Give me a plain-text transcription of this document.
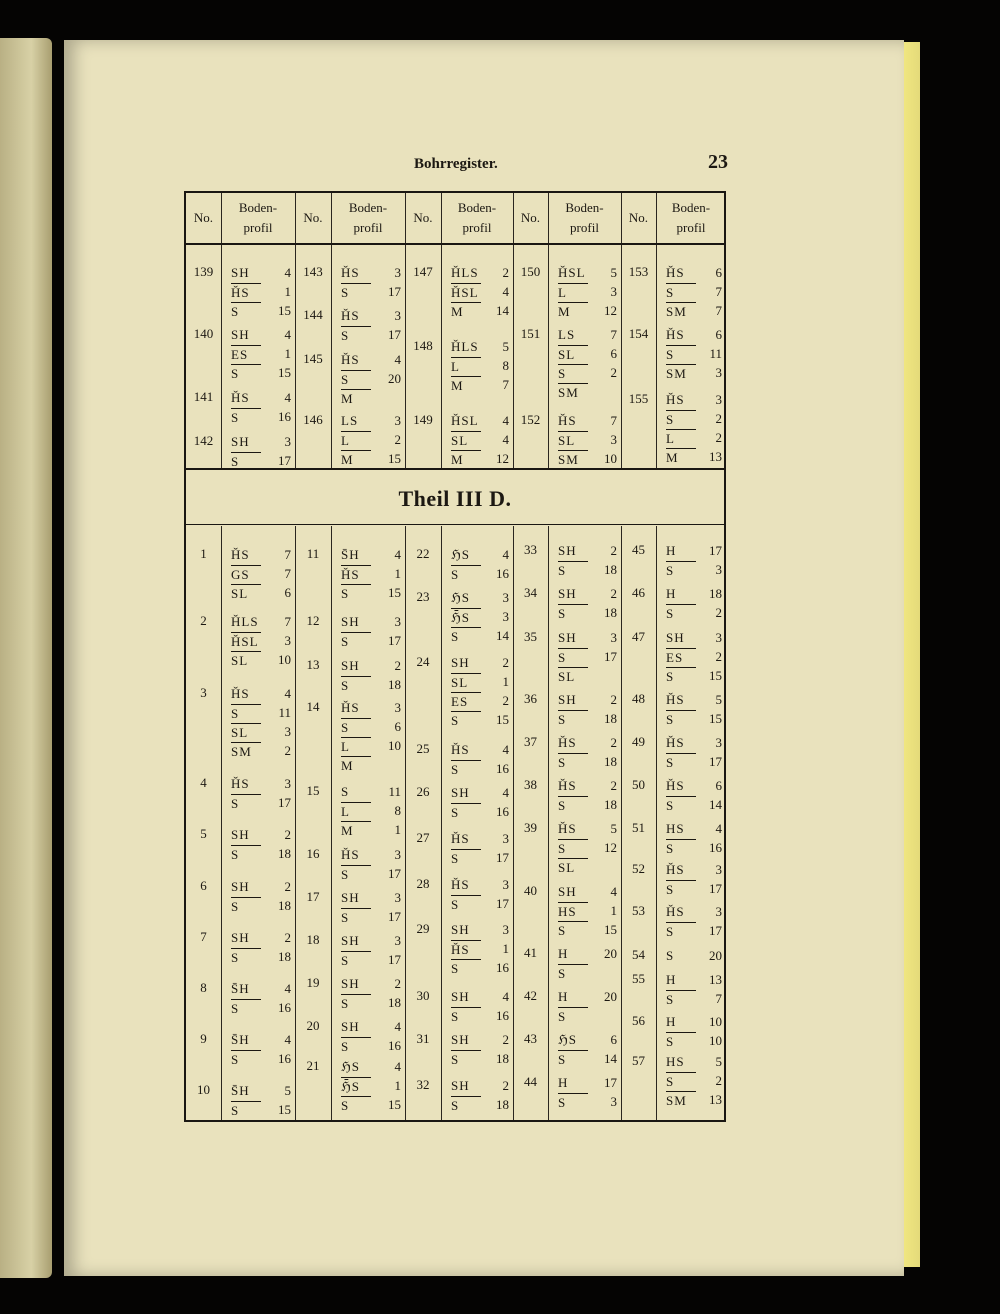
Bohrregister.	23
Theil III D.
No.
Boden-
profil
No.
Boden-
profil
No.
Boden-
profil
No.
Boden-
profil
No.
Boden-
profil
139	SH	4
ȞS	1
S	15
140	SH	4
ES	1
S	15
141	ȞS	4
S	16
142	SH	3
S	17
143	ȞS	3
S	17
144	ȞS	3
S	17
145	ȞS	4
S	20
M
146	LS	3
L	2
M	15
147	ȞLS 2
ȞSL 4
M 14
148	ȞLS 5
L	8
M	7
149	ȞSL 4
SL	4
M 12
150	ȞSL 5
L	3
M	12
151	LS	7
SL	6
S	2
SM
152	ȞS	7
SL	3
SM 10
153	ȞS 6
S	7
SM 7
154	ȞS 6
S	11
SM 3
155	ȞS 3
S	2
L	2
M 13
1	ȞS	7
GS	7
SL	6
2	ȞLS 7
ȞSL 3
SL 10
3	ȞS	4
S	11
SL	3
SM	2
4	ȞS	3
S	17
5	SH	2
S	18
6	SH	2
S	18
7	SH	2
S	18
8	S̄H	4
S	16
9	S̄H	4
S	16
10	S̄H	5
S	15
11	S̄H	4
ȞS	1
S	15
12	SH	3
S	17
13	SH	2
S	18
14	ȞS	3
S	6
L	10
M
15	S	11
L	8
M	1
16	ȞS	3
S	17
17	SH	3
S	17
18	SH	3
S	17
19	SH	2
S	18
20	SH	4
S	16
21	ℌS	4
ℌ̄S	1
S	15
22	ℌS 4
S	16
23	ℌS 3
ℌ̄S 3
S	14
24	SH	2
SL	1
ES	2
S	15
25	ȞS	4
S	16
26	SH	4
S	16
27	ȞS	3
S	17
28	ȞS	3
S	17
29	SH	3
ȞS	1
S	16
30	SH	4
S	16
31	SH	2
S	18
32	SH	2
S	18
33	SH	2
S	18
34	SH	2
S	18
35	SH	3
S	17
SL
36	SH	2
S	18
37	ȞS	2
S	18
38	ȞS	2
S	18
39	ȞS	5
S	12
SL
40	SH	4
HS	1
S	15
41	H	20
S
42	H	20
S
43	ℌS	6
S	14
44	H	17
S	3
45	H	17
S	3
46	H	18
S	2
47	SH 3
ES 2
S	15
48	ȞS 5
S	15
49	ȞS 3
S	17
50	ȞS 6
S	14
51	HS 4
S	16
52	ȞS 3
S	17
53	ȞS 3
S	17
54	S	20
55	H	13
S	7
56	H	10
S	10
57	HS 5
S	2
SM 13
